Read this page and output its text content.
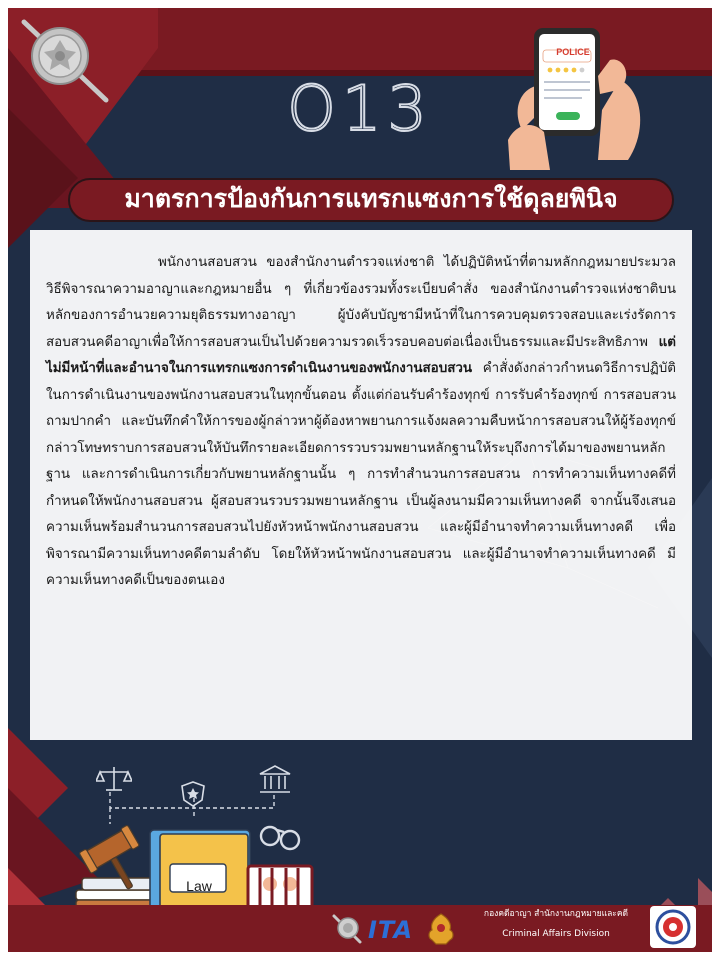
POLICE
O13
มาตรการป้องกันการแทรกแซงการใช้ดุลยพินิจ

พนักงานสอบสวน ของสำนักงานตำรวจแห่งชาติ ได้ปฏิบัติหน้าที่ตามหลักกฎหมายประมวลวิธีพิจารณาความอาญาและกฎหมายอื่น ๆ ที่เกี่ยวข้องรวมทั้งระเบียบคำสั่ง ของสำนักงานตำรวจแห่งชาติบนหลักของการอำนวยความยุติธรรมทางอาญา ผู้บังคับบัญชามีหน้าที่ในการควบคุมตรวจสอบและเร่งรัดการสอบสวนคดีอาญาเพื่อให้การสอบสวนเป็นไปด้วยความรวดเร็วรอบคอบต่อเนื่องเป็นธรรมและมีประสิทธิภาพ แต่ไม่มีหน้าที่และอำนาจในการแทรกแซงการดำเนินงานของพนักงานสอบสวน คำสั่งดังกล่าวกำหนดวิธีการปฏิบัติในการดำเนินงานของพนักงานสอบสวนในทุกขั้นตอน ตั้งแต่ก่อนรับคำร้องทุกข์ การรับคำร้องทุกข์ การสอบสวนถามปากคำ และบันทึกคำให้การของผู้กล่าวหาผู้ต้องหาพยานการแจ้งผลความคืบหน้าการสอบสวนให้ผู้ร้องทุกข์กล่าวโทษทราบการสอบสวนให้บันทึกรายละเอียดการรวบรวมพยานหลักฐานให้ระบุถึงการได้มาของพยานหลักฐาน และการดำเนินการเกี่ยวกับพยานหลักฐานนั้น ๆ การทำสำนวนการสอบสวน การทำความเห็นทางคดีที่กำหนดให้พนักงานสอบสวน ผู้สอบสวนรวบรวมพยานหลักฐาน เป็นผู้ลงนามมีความเห็นทางคดี จากนั้นจึงเสนอความเห็นพร้อมสำนวนการสอบสวนไปยังหัวหน้าพนักงานสอบสวน และผู้มีอำนาจทำความเห็นทางคดี เพื่อพิจารณามีความเห็นทางคดีตามลำดับ โดยให้หัวหน้าพนักงานสอบสวน และผู้มีอำนาจทำความเห็นทางคดี มีความเห็นทางคดีเป็นของตนเอง

Law
ITA
กองคดีอาญา สำนักงานกฎหมายและคดี
Criminal Affairs Division
